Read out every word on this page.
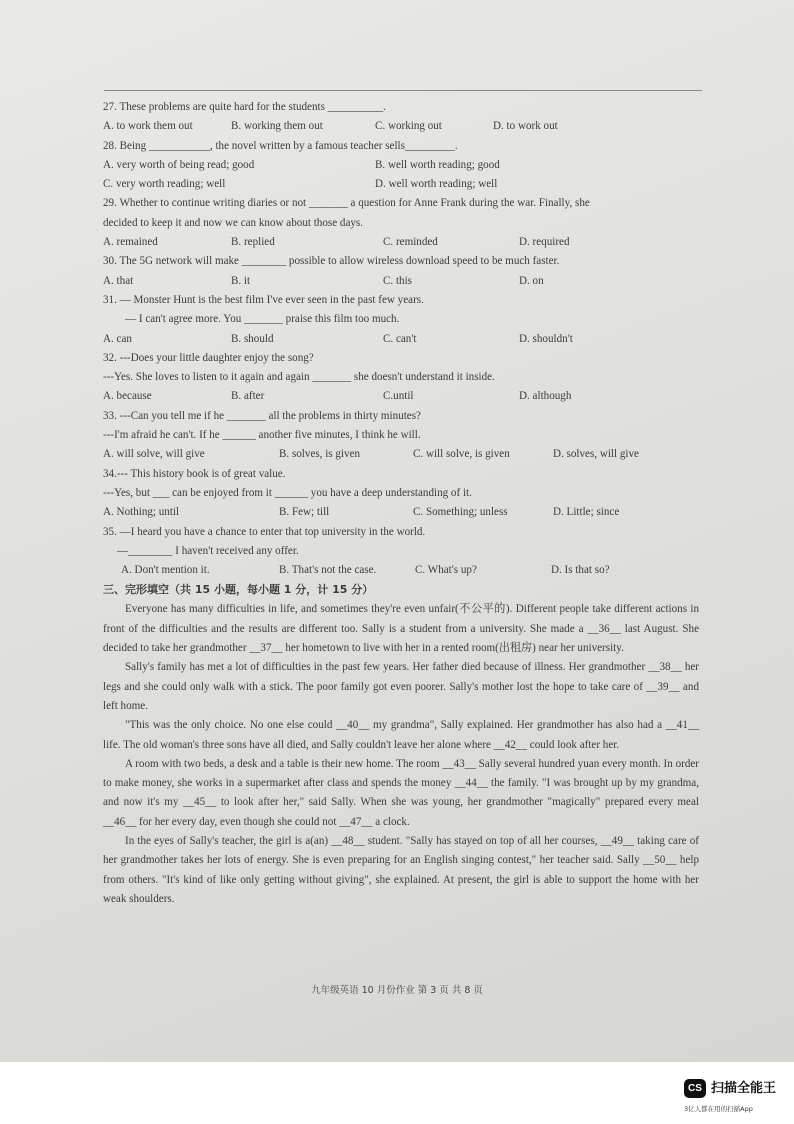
27. These problems are quite hard for the students __________.
A. to work them out	B. working them out	C. working out	D. to work out
28. Being ___________, the novel written by a famous teacher sells_________.
A. very worth of being read; good	B. well worth reading; good
C. very worth reading; well	D. well worth reading; well
29. Whether to continue writing diaries or not _______ a question for Anne Frank during the war. Finally, she
decided to keep it and now we can know about those days.
A. remained	B. replied	C. reminded	D. required
30. The 5G network will make ________ possible to allow wireless download speed to be much faster.
A. that	B. it	C. this	D. on
31. — Monster Hunt is the best film I've ever seen in the past few years.
— I can't agree more. You _______ praise this film too much.
A. can	B. should	C. can't	D. shouldn't
32. ---Does your little daughter enjoy the song?
---Yes. She loves to listen to it again and again _______ she doesn't understand it inside.
A. because	B. after	C.until	D. although
33. ---Can you tell me if he _______ all the problems in thirty minutes?
---I'm afraid he can't. If he ______ another five minutes, I think he will.
A. will solve, will give	B. solves, is given	C. will solve, is given	D. solves, will give
34.--- This history book is of great value.
---Yes, but ___ can be enjoyed from it ______ you have a deep understanding of it.
A. Nothing; until	B. Few; till	C. Something; unless	D. Little; since
35. —I heard you have a chance to enter that top university in the world.
—________ I haven't received any offer.
A. Don't mention it.	B. That's not the case.	C. What's up?	D. Is that so?
三、完形填空（共 15 小题，每小题 1 分，计 15 分）

Everyone has many difficulties in life, and sometimes they're even unfair(不公平的). Different people take different actions in front of the difficulties and the results are different too. Sally is a student from a university. She made a __36__ last August. She decided to take her grandmother __37__ her hometown to live with her in a rented room(出租房) near her university.

Sally's family has met a lot of difficulties in the past few years. Her father died because of illness. Her grandmother __38__ her legs and she could only walk with a stick. The poor family got even poorer. Sally's mother lost the hope to take care of __39__ and left home.

"This was the only choice. No one else could __40__ my grandma", Sally explained. Her grandmother has also had a __41__ life. The old woman's three sons have all died, and Sally couldn't leave her alone where __42__ could look after her.

A room with two beds, a desk and a table is their new home. The room __43__ Sally several hundred yuan every month. In order to make money, she works in a supermarket after class and spends the money __44__ the family. "I was brought up by my grandma, and now it's my __45__ to look after her," said Sally. When she was young, her grandmother "magically" prepared every meal __46__ for her every day, even though she could not __47__ a clock.

In the eyes of Sally's teacher, the girl is a(an) __48__ student. "Sally has stayed on top of all her courses, __49__ taking care of her grandmother takes her lots of energy. She is even preparing for an English singing contest," her teacher said. Sally __50__ help from others. "It's kind of like only getting without giving", she explained. At present, the girl is able to support the home with her weak shoulders.

九年级英语 10 月份作业 第 3 页 共 8 页
CS 扫描全能王
3亿人都在用的扫描App
